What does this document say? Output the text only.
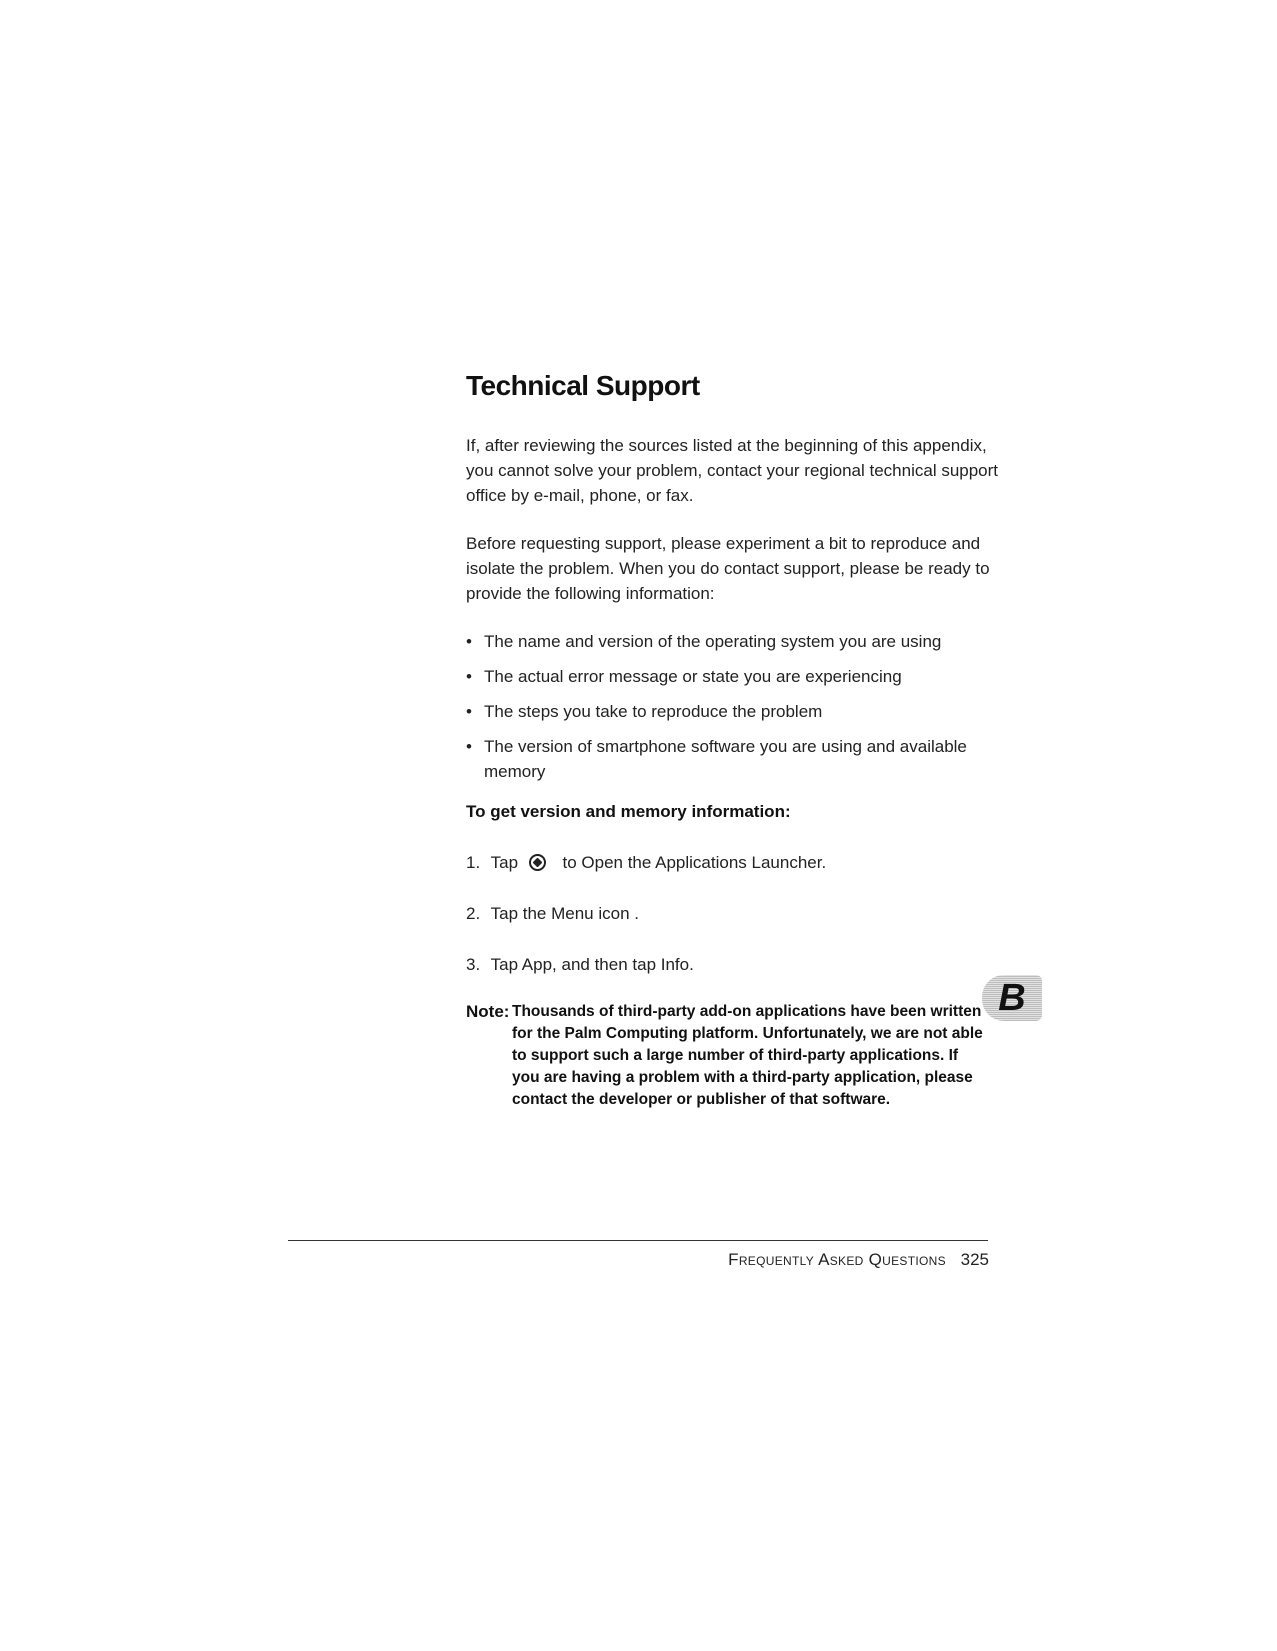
Technical Support

If, after reviewing the sources listed at the beginning of this appendix, you cannot solve your problem, contact your regional technical support office by e-mail, phone, or fax.

Before requesting support, please experiment a bit to reproduce and isolate the problem. When you do contact support, please be ready to provide the following information:

• The name and version of the operating system you are using
• The actual error message or state you are experiencing
• The steps you take to reproduce the problem
• The version of smartphone software you are using and available memory
To get version and memory information:
1. Tap	to Open the Applications Launcher.
2. Tap the Menu icon .
3. Tap App, and then tap Info.
Note: Thousands of third-party add-on applications have been written for the Palm Computing platform. Unfortunately, we are not able to support such a large number of third-party applications. If you are having a problem with a third-party application, please contact the developer or publisher of that software.
B
Frequently Asked Questions 325
